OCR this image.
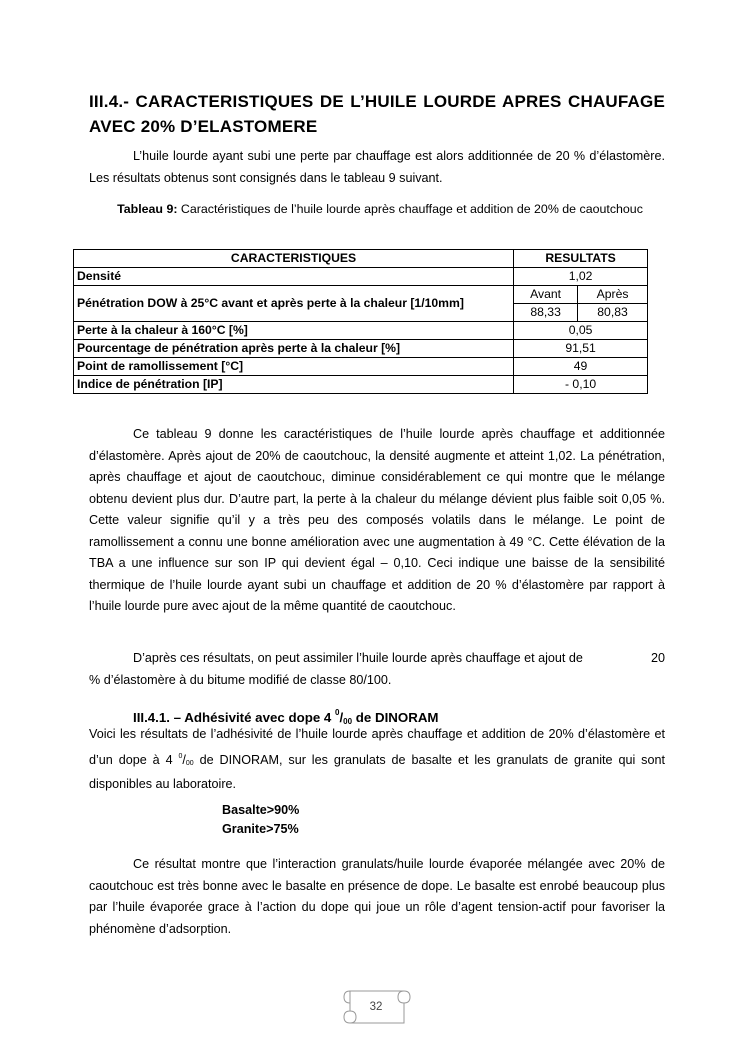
III.4.- CARACTERISTIQUES DE L’HUILE LOURDE APRES CHAUFAGE
AVEC 20% D’ELASTOMERE

L’huile lourde ayant subi une perte par chauffage est alors additionnée de 20 % d’élastomère. Les résultats obtenus sont consignés dans le tableau 9 suivant.

Tableau 9: Caractéristiques de l’huile lourde après chauffage et addition de 20% de caoutchouc
CARACTERISTIQUES	RESULTATS	
Densité	1,02	
Pénétration DOW à 25°C avant et après perte à la chaleur [1/10mm]	Avant	Après
	88,33	80,83
Perte à la chaleur à 160°C [%]	0,05	
Pourcentage de pénétration après perte à la chaleur [%]	91,51	
Point de ramollissement [°C]	49	
Indice de pénétration [IP]	- 0,10	

Ce tableau 9 donne les caractéristiques de l’huile lourde après chauffage et additionnée d’élastomère. Après ajout de 20% de caoutchouc, la densité augmente et atteint 1,02. La pénétration, après chauffage et ajout de caoutchouc, diminue considérablement ce qui montre que le mélange obtenu devient plus dur. D’autre part, la perte à la chaleur du mélange dévient plus faible soit 0,05 %. Cette valeur signifie qu’il y a très peu des composés volatils dans le mélange. Le point de ramollissement a connu une bonne amélioration avec une augmentation à 49 °C. Cette élévation de la TBA a une influence sur son IP qui devient égal – 0,10. Ceci indique une baisse de la sensibilité thermique de l’huile lourde ayant subi un chauffage et addition de 20 % d’élastomère par rapport à l’huile lourde pure avec ajout de la même quantité de caoutchouc.

D’après ces résultats, on peut assimiler l’huile lourde après chauffage et ajout de	20
% d’élastomère à du bitume modifié de classe 80/100.
III.4.1. – Adhésivité avec dope 4 $^0/_{00}$ de DINORAM

Voici les résultats de l’adhésivité de l’huile lourde après chauffage et addition de 20% d’élastomère et d’un dope à 4 $^0/_{00}$ de DINORAM, sur les granulats de basalte et les granulats de granite qui sont disponibles au laboratoire.

Basalte>90%
Granite>75%

Ce résultat montre que l’interaction granulats/huile lourde évaporée mélangée avec 20% de caoutchouc est très bonne avec le basalte en présence de dope. Le basalte est enrobé beaucoup plus par l’huile évaporée grace à l’action du dope qui joue un rôle d’agent tension-actif pour favoriser la phénomène d’adsorption.

32
